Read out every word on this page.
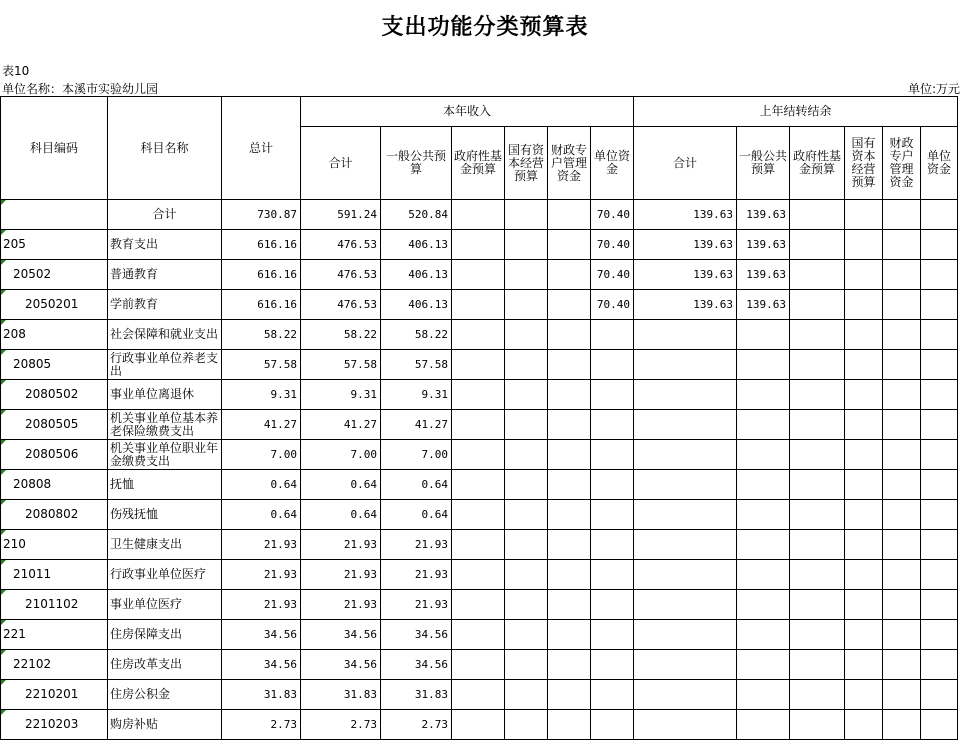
支出功能分类预算表
表10
单位名称：本溪市实验幼儿园	单位:万元
科目编码	科目名称	总计	本年收入						上年结转结余					
			合计	一般公共预算	政府性基金预算	国有资本经营预算	财政专户管理资金	单位资金	合计	一般公共预算	政府性基金预算	国有资本经营预算	财政专户管理资金	单位资金

	合计	730.87	591.24	520.84				70.40	139.63	139.63				
205	教育支出	616.16	476.53	406.13				70.40	139.63	139.63				
20502	普通教育	616.16	476.53	406.13				70.40	139.63	139.63				
2050201	学前教育	616.16	476.53	406.13				70.40	139.63	139.63				
208	社会保障和就业支出	58.22	58.22	58.22										
20805	行政事业单位养老支出	57.58	57.58	57.58										
2080502	事业单位离退休	9.31	9.31	9.31										
2080505	机关事业单位基本养老保险缴费支出	41.27	41.27	41.27										
2080506	机关事业单位职业年金缴费支出	7.00	7.00	7.00										
20808	抚恤	0.64	0.64	0.64										
2080802	伤残抚恤	0.64	0.64	0.64										
210	卫生健康支出	21.93	21.93	21.93										
21011	行政事业单位医疗	21.93	21.93	21.93										
2101102	事业单位医疗	21.93	21.93	21.93										
221	住房保障支出	34.56	34.56	34.56										
22102	住房改革支出	34.56	34.56	34.56										
2210201	住房公积金	31.83	31.83	31.83										
2210203	购房补贴	2.73	2.73	2.73										
